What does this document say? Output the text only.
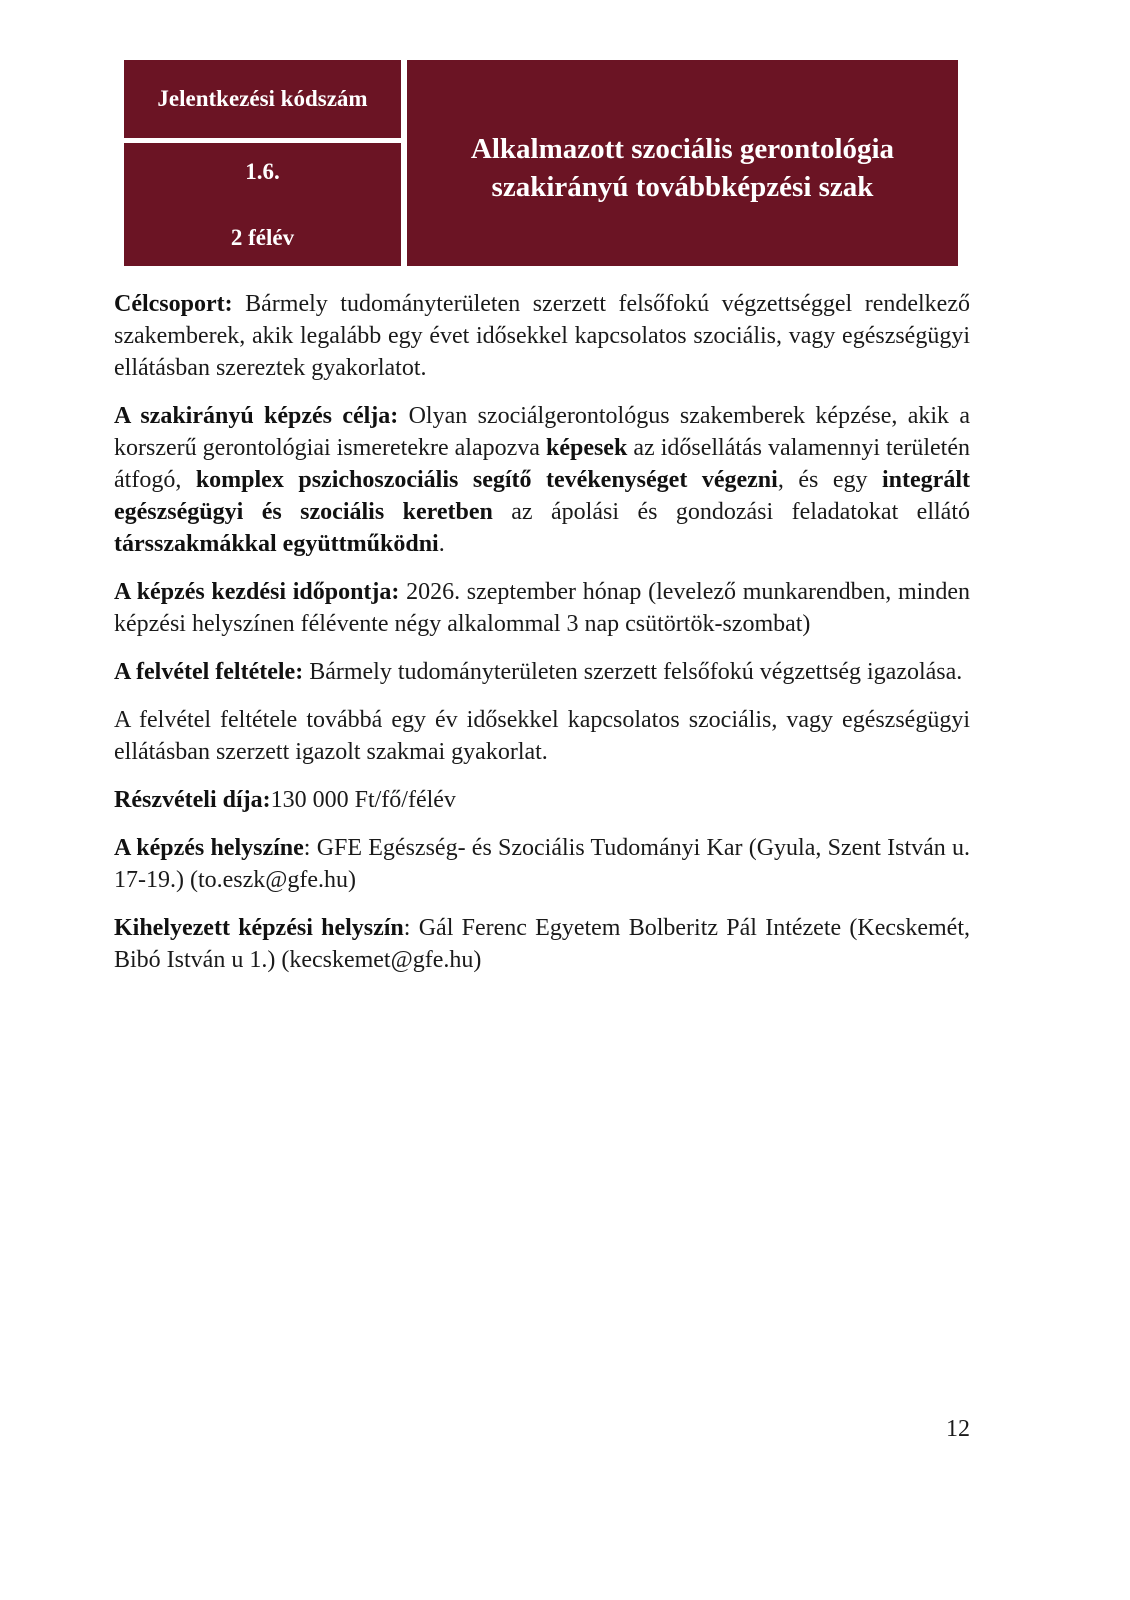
Jelentkezési kódszám
1.6.
2 félév
Alkalmazott szociális gerontológia
szakirányú továbbképzési szak

Célcsoport: Bármely tudományterületen szerzett felsőfokú végzettséggel rendelkező szakemberek, akik legalább egy évet idősekkel kapcsolatos szociális, vagy egészségügyi ellátásban szereztek gyakorlatot.

A szakirányú képzés célja: Olyan szociálgerontológus szakemberek képzése, akik a korszerű gerontológiai ismeretekre alapozva képesek az idősellátás valamennyi területén átfogó, komplex pszichoszociális segítő tevékenységet végezni, és egy integrált egészségügyi és szociális keretben az ápolási és gondozási feladatokat ellátó társszakmákkal együttműködni.

A képzés kezdési időpontja: 2026. szeptember hónap (levelező munkarendben, minden képzési helyszínen félévente négy alkalommal 3 nap csütörtök-szombat)

A felvétel feltétele: Bármely tudományterületen szerzett felsőfokú végzettség igazolása.

A felvétel feltétele továbbá egy év idősekkel kapcsolatos szociális, vagy egészségügyi ellátásban szerzett igazolt szakmai gyakorlat.

Részvételi díja:130 000 Ft/fő/félév

A képzés helyszíne: GFE Egészség- és Szociális Tudományi Kar (Gyula, Szent István u. 17-19.) (to.eszk@gfe.hu)

Kihelyezett képzési helyszín: Gál Ferenc Egyetem Bolberitz Pál Intézete (Kecskemét, Bibó István u 1.) (kecskemet@gfe.hu)

12
